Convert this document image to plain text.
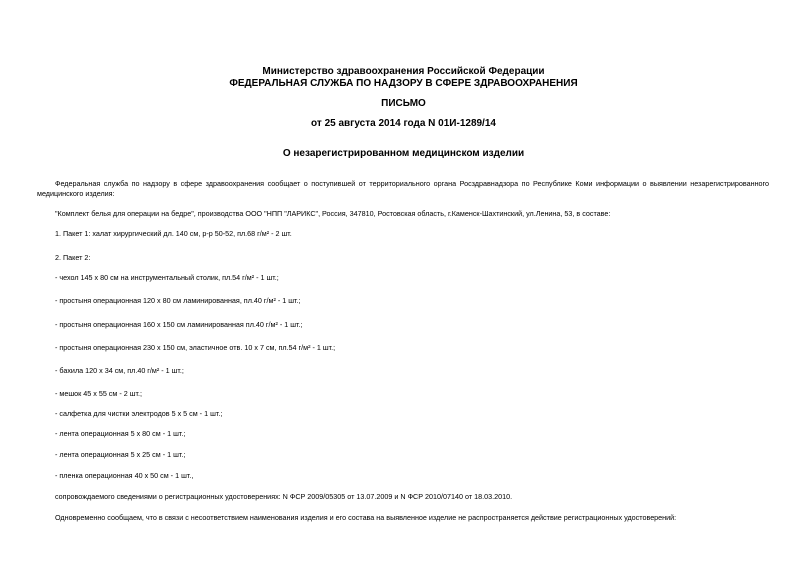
Министерство здравоохранения Российской Федерации
ФЕДЕРАЛЬНАЯ СЛУЖБА ПО НАДЗОРУ В СФЕРЕ ЗДРАВООХРАНЕНИЯ
ПИСЬМО
от 25 августа 2014 года N 01И-1289/14
О незарегистрированном медицинском изделии
Федеральная служба по надзору в сфере здравоохранения сообщает о поступившей от территориального органа Росздравнадзора по Республике Коми информации о выявлении незарегистрированного медицинского изделия:
"Комплект белья для операции на бедре", производства ООО "НПП "ЛАРИКС", Россия, 347810, Ростовская область, г.Каменск-Шахтинский, ул.Ленина, 53, в составе:
1. Пакет 1: халат хирургический дл. 140 см, р-р 50-52, пл.68 г/м² - 2 шт.
2. Пакет 2:
- чехол 145 х 80 см на инструментальный столик, пл.54 г/м² - 1 шт.;
- простыня операционная 120 х 80 см ламинированная, пл.40 г/м² - 1 шт.;
- простыня операционная 160 х 150 см ламинированная пл.40 г/м² - 1 шт.;
- простыня операционная 230 х 150 см, эластичное отв. 10 х 7 см, пл.54 г/м² - 1 шт.;
- бахила 120 х 34 см, пл.40 г/м² - 1 шт.;
- мешок 45 х 55 см - 2 шт.;
- салфетка для чистки электродов 5 х 5 см - 1 шт.;
- лента операционная 5 х 80 см - 1 шт.;
- лента операционная 5 х 25 см - 1 шт.;
- пленка операционная 40 х 50 см - 1 шт.,
сопровождаемого сведениями о регистрационных удостоверениях: N ФСР 2009/05305 от 13.07.2009 и N ФСР 2010/07140 от 18.03.2010.
Одновременно сообщаем, что в связи с несоответствием наименования изделия и его состава на выявленное изделие не распространяется действие регистрационных удостоверений:
